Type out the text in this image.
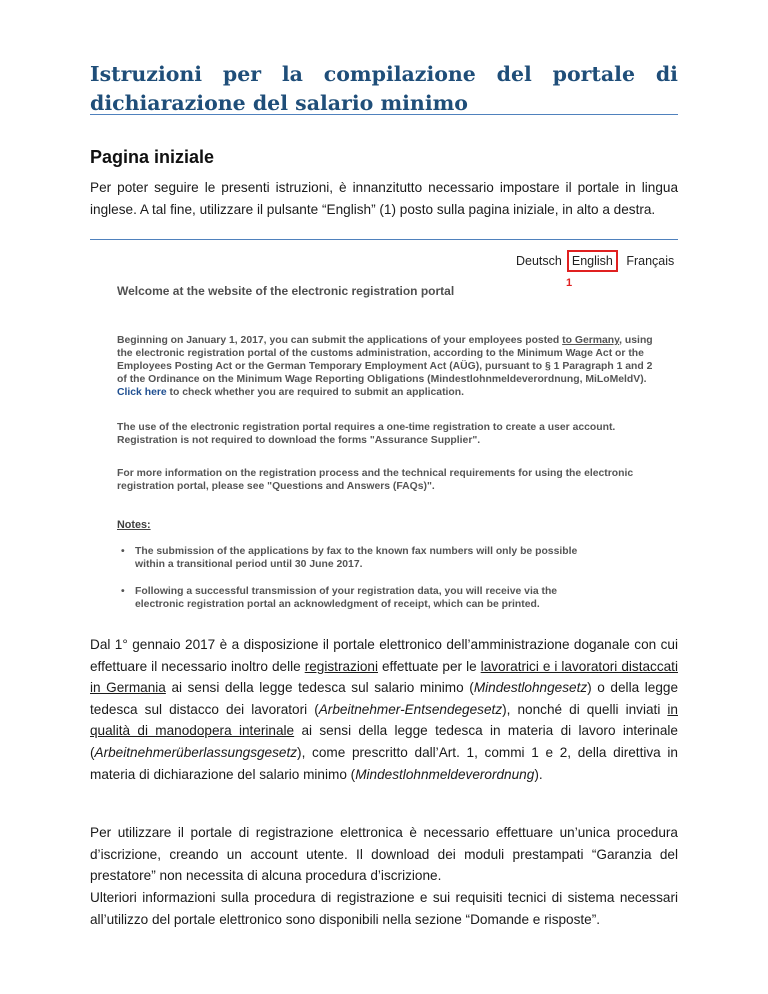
Istruzioni per la compilazione del portale di
dichiarazione del salario minimo
Pagina iniziale
Per poter seguire le presenti istruzioni, è innanzitutto necessario impostare il portale in lingua inglese. A tal fine, utilizzare il pulsante “English” (1) posto sulla pagina iniziale, in alto a destra.
Deutsch English Français
1
Welcome at the website of the electronic registration portal
Beginning on January 1, 2017, you can submit the applications of your employees posted to Germany, using the electronic registration portal of the customs administration, according to the Minimum Wage Act or the Employees Posting Act or the German Temporary Employment Act (AÜG), pursuant to § 1 Paragraph 1 and 2 of the Ordinance on the Minimum Wage Reporting Obligations (Mindestlohnmeldeverordnung, MiLoMeldV).
Click here to check whether you are required to submit an application.
The use of the electronic registration portal requires a one-time registration to create a user account. Registration is not required to download the forms "Assurance Supplier".
For more information on the registration process and the technical requirements for using the electronic registration portal, please see "Questions and Answers (FAQs)".
Notes:
• The submission of the applications by fax to the known fax numbers will only be possible
within a transitional period until 30 June 2017.
• Following a successful transmission of your registration data, you will receive via the
electronic registration portal an acknowledgment of receipt, which can be printed.
Dal 1° gennaio 2017 è a disposizione il portale elettronico dell’amministrazione doganale con cui effettuare il necessario inoltro delle registrazioni effettuate per le lavoratrici e i lavoratori distaccati in Germania ai sensi della legge tedesca sul salario minimo (Mindestlohngesetz) o della legge tedesca sul distacco dei lavoratori (Arbeitnehmer-Entsendegesetz), nonché di quelli inviati in qualità di manodopera interinale ai sensi della legge tedesca in materia di lavoro interinale (Arbeitnehmerüberlassungsgesetz), come prescritto dall’Art. 1, commi 1 e 2, della direttiva in materia di dichiarazione del salario minimo (Mindestlohnmeldeverordnung).
Per utilizzare il portale di registrazione elettronica è necessario effettuare un’unica procedura d’iscrizione, creando un account utente. Il download dei moduli prestampati “Garanzia del prestatore” non necessita di alcuna procedura d’iscrizione.
Ulteriori informazioni sulla procedura di registrazione e sui requisiti tecnici di sistema necessari all’utilizzo del portale elettronico sono disponibili nella sezione “Domande e risposte”.
